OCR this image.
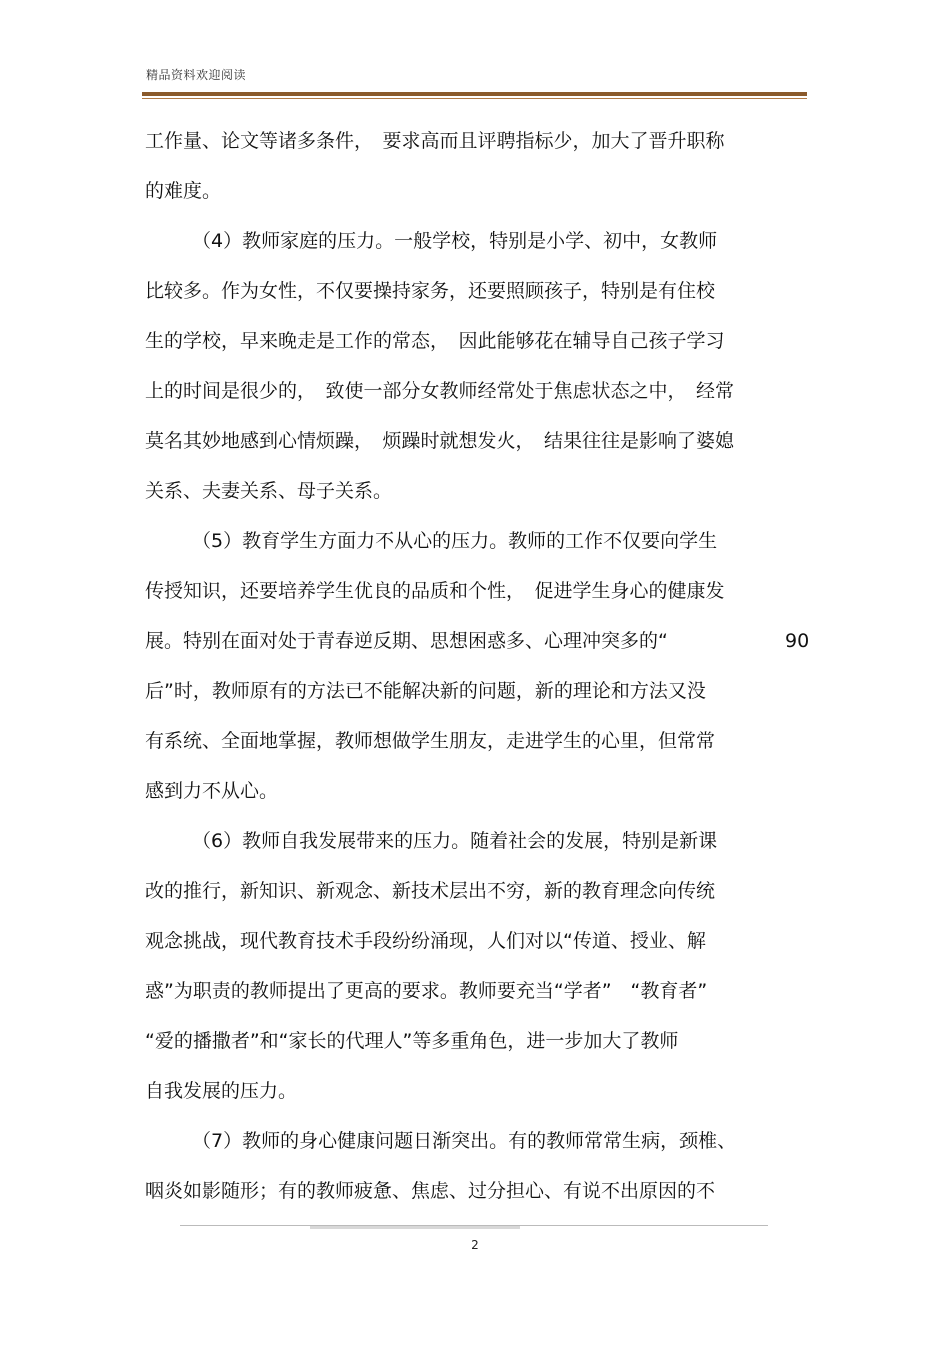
精品资料欢迎阅读
工作量、论文等诸多条件，　要求高而且评聘指标少，加大了晋升职称
的难度。
（4）教师家庭的压力。一般学校，特别是小学、初中，女教师
比较多。作为女性，不仅要操持家务，还要照顾孩子，特别是有住校
生的学校，早来晚走是工作的常态，　因此能够花在辅导自己孩子学习
上的时间是很少的，　致使一部分女教师经常处于焦虑状态之中，　经常
莫名其妙地感到心情烦躁，　烦躁时就想发火，　结果往往是影响了婆媳
关系、夫妻关系、母子关系。
（5）教育学生方面力不从心的压力。教师的工作不仅要向学生
传授知识，还要培养学生优良的品质和个性，　促进学生身心的健康发
展。特别在面对处于青春逆反期、思想困惑多、心理冲突多的“	90
后”时，教师原有的方法已不能解决新的问题，新的理论和方法又没
有系统、全面地掌握，教师想做学生朋友，走进学生的心里，但常常
感到力不从心。
（6）教师自我发展带来的压力。随着社会的发展，特别是新课
改的推行，新知识、新观念、新技术层出不穷，新的教育理念向传统
观念挑战，现代教育技术手段纷纷涌现，人们对以“传道、授业、解
惑”为职责的教师提出了更高的要求。教师要充当“学者”　“教育者”
“爱的播撒者”和“家长的代理人”等多重角色，进一步加大了教师
自我发展的压力。
（7）教师的身心健康问题日渐突出。有的教师常常生病，颈椎、
咽炎如影随形；有的教师疲惫、焦虑、过分担心、有说不出原因的不
2
